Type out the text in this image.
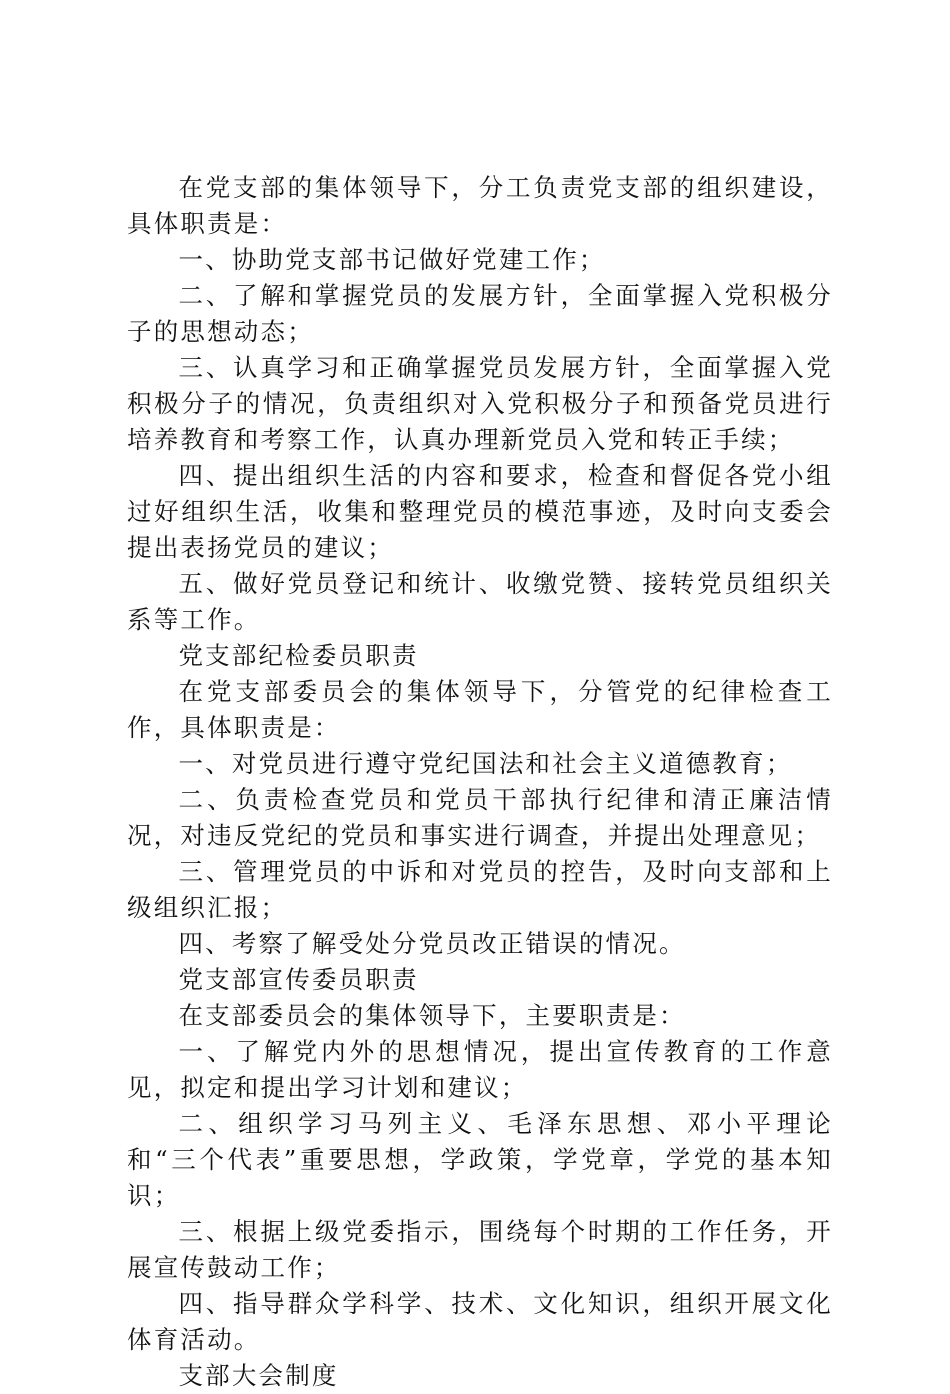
在党支部的集体领导下，分工负责党支部的组织建设，具体职责是：

一、协助党支部书记做好党建工作；

二、了解和掌握党员的发展方针，全面掌握入党积极分子的思想动态；

三、认真学习和正确掌握党员发展方针，全面掌握入党积极分子的情况，负责组织对入党积极分子和预备党员进行培养教育和考察工作，认真办理新党员入党和转正手续；

四、提出组织生活的内容和要求，检查和督促各党小组过好组织生活，收集和整理党员的模范事迹，及时向支委会提出表扬党员的建议；

五、做好党员登记和统计、收缴党赞、接转党员组织关系等工作。

党支部纪检委员职责

在党支部委员会的集体领导下，分管党的纪律检查工作，具体职责是：

一、对党员进行遵守党纪国法和社会主义道德教育；

二、负责检查党员和党员干部执行纪律和清正廉洁情况，对违反党纪的党员和事实进行调查，并提出处理意见；

三、管理党员的中诉和对党员的控告，及时向支部和上级组织汇报；

四、考察了解受处分党员改正错误的情况。

党支部宣传委员职责

在支部委员会的集体领导下，主要职责是：

一、了解党内外的思想情况，提出宣传教育的工作意见，拟定和提出学习计划和建议；

二、组织学习马列主义、毛泽东思想、邓小平理论和“三个代表”重要思想，学政策，学党章，学党的基本知识；

三、根据上级党委指示，围绕每个时期的工作任务，开展宣传鼓动工作；

四、指导群众学科学、技术、文化知识，组织开展文化体育活动。

支部大会制度
